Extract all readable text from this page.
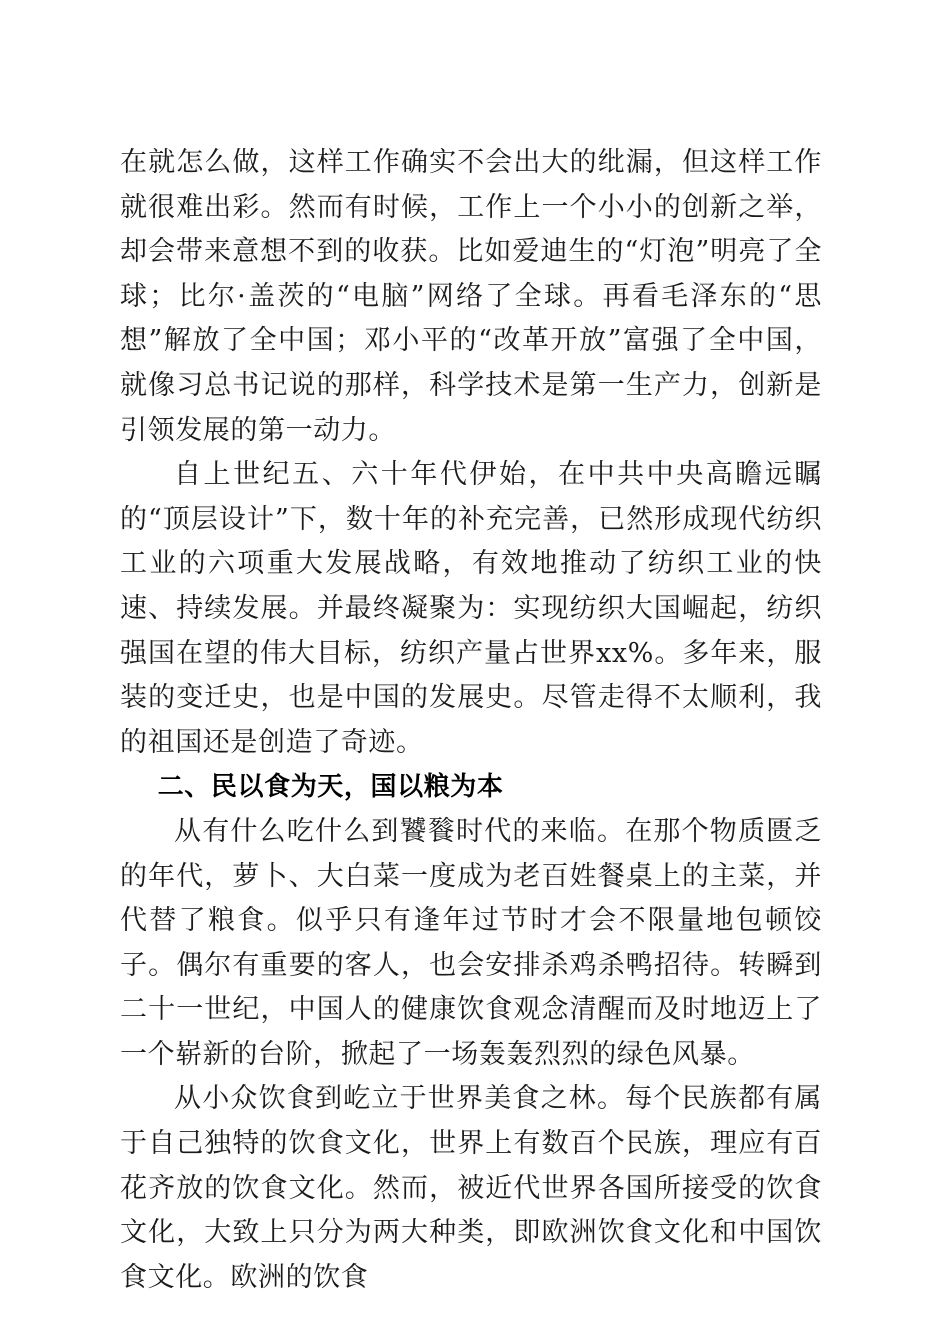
在就怎么做，这样工作确实不会出大的纰漏，但这样工作就很难出彩。然而有时候，工作上一个小小的创新之举，却会带来意想不到的收获。比如爱迪生的“灯泡”明亮了全球；比尔·盖茨的“电脑”网络了全球。再看毛泽东的“思想”解放了全中国；邓小平的“改革开放”富强了全中国，就像习总书记说的那样，科学技术是第一生产力，创新是引领发展的第一动力。

自上世纪五、六十年代伊始，在中共中央高瞻远瞩的“顶层设计”下，数十年的补充完善，已然形成现代纺织工业的六项重大发展战略，有效地推动了纺织工业的快速、持续发展。并最终凝聚为：实现纺织大国崛起，纺织强国在望的伟大目标，纺织产量占世界xx%。多年来，服装的变迁史，也是中国的发展史。尽管走得不太顺利，我的祖国还是创造了奇迹。

二、民以食为天，国以粮为本

从有什么吃什么到饕餮时代的来临。在那个物质匮乏的年代，萝卜、大白菜一度成为老百姓餐桌上的主菜，并代替了粮食。似乎只有逢年过节时才会不限量地包顿饺子。偶尔有重要的客人，也会安排杀鸡杀鸭招待。转瞬到二十一世纪，中国人的健康饮食观念清醒而及时地迈上了一个崭新的台阶，掀起了一场轰轰烈烈的绿色风暴。

从小众饮食到屹立于世界美食之林。每个民族都有属于自己独特的饮食文化，世界上有数百个民族，理应有百花齐放的饮食文化。然而，被近代世界各国所接受的饮食文化，大致上只分为两大种类，即欧洲饮食文化和中国饮食文化。欧洲的饮食
